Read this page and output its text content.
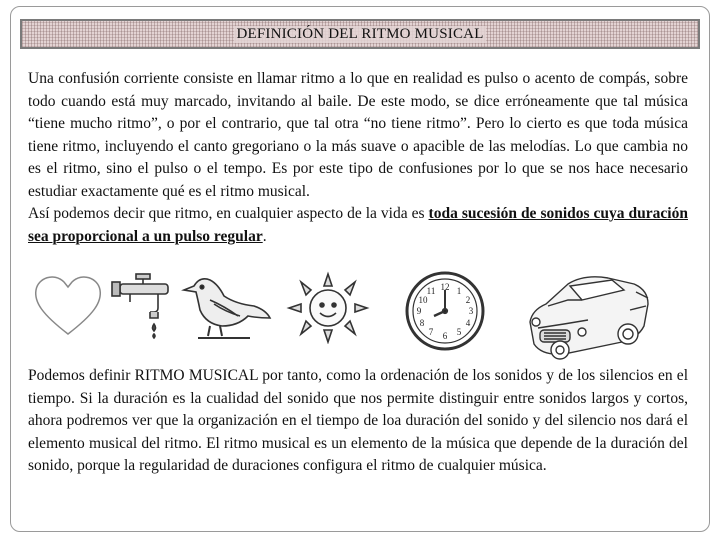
DEFINICIÓN DEL RITMO MUSICAL

Una confusión corriente consiste en llamar ritmo a lo que en realidad es pulso o acento de compás, sobre todo cuando está muy marcado, invitando al baile. De este modo, se dice erróneamente que tal música “tiene mucho ritmo”, o por el contrario, que tal otra “no tiene ritmo”. Pero lo cierto es que toda música tiene ritmo, incluyendo el canto gregoriano o la más suave o apacible de las melodías. Lo que cambia no es el ritmo, sino el pulso o el tempo. Es por este tipo de confusiones por lo que se nos hace necesario estudiar exactamente qué es el ritmo musical.
Así podemos decir que ritmo, en cualquier aspecto de la vida es toda sucesión de sonidos cuya duración sea proporcional a un pulso regular.

12 1
2
3
4
5
6
7
8
9
10
11

Podemos definir RITMO MUSICAL por tanto, como la ordenación de los sonidos y de los silencios en el tiempo. Si la duración es la cualidad del sonido que nos permite distinguir entre sonidos largos y cortos, ahora podremos ver que la organización en el tiempo de loa duración del sonido y del silencio nos dará el elemento musical del ritmo. El ritmo musical es un elemento de la música que depende de la duración del sonido, porque la regularidad de duraciones configura el ritmo de cualquier música.
